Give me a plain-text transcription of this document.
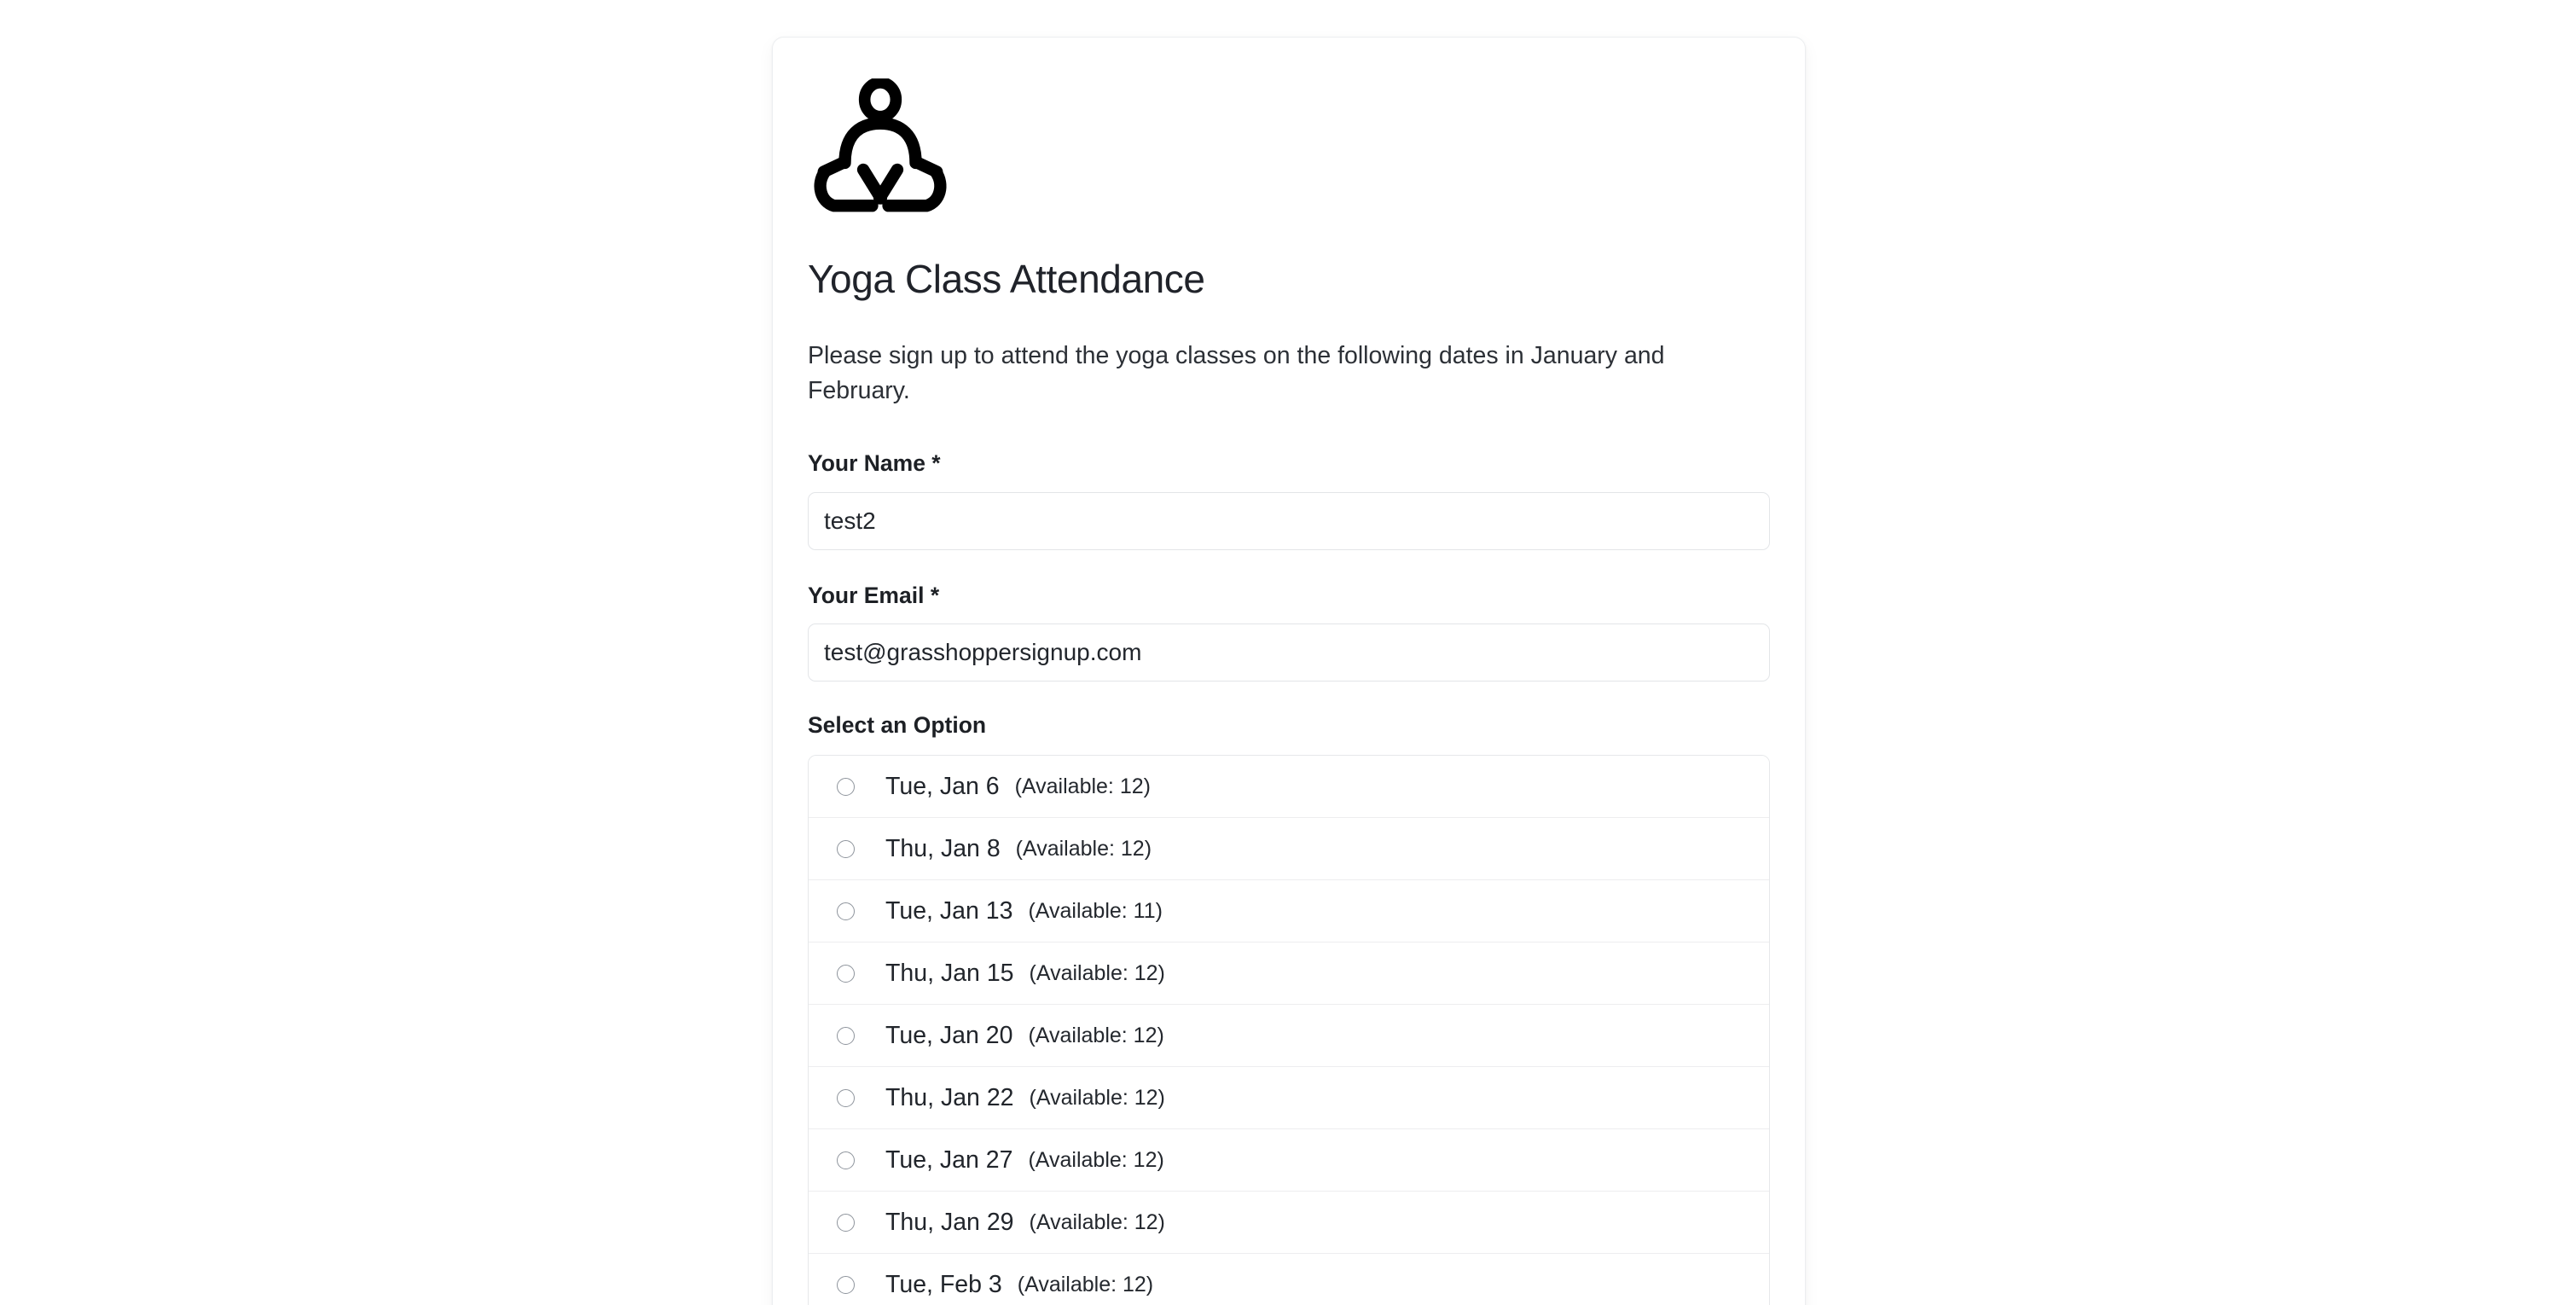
Yoga Class Attendance

Please sign up to attend the yoga classes on the following dates in January and February.

Your Name *
test2
Your Email *
test@grasshoppersignup.com
Select an Option
Tue, Jan 6 (Available: 12)
Thu, Jan 8 (Available: 12)
Tue, Jan 13 (Available: 11)
Thu, Jan 15 (Available: 12)
Tue, Jan 20 (Available: 12)
Thu, Jan 22 (Available: 12)
Tue, Jan 27 (Available: 12)
Thu, Jan 29 (Available: 12)
Tue, Feb 3 (Available: 12)
